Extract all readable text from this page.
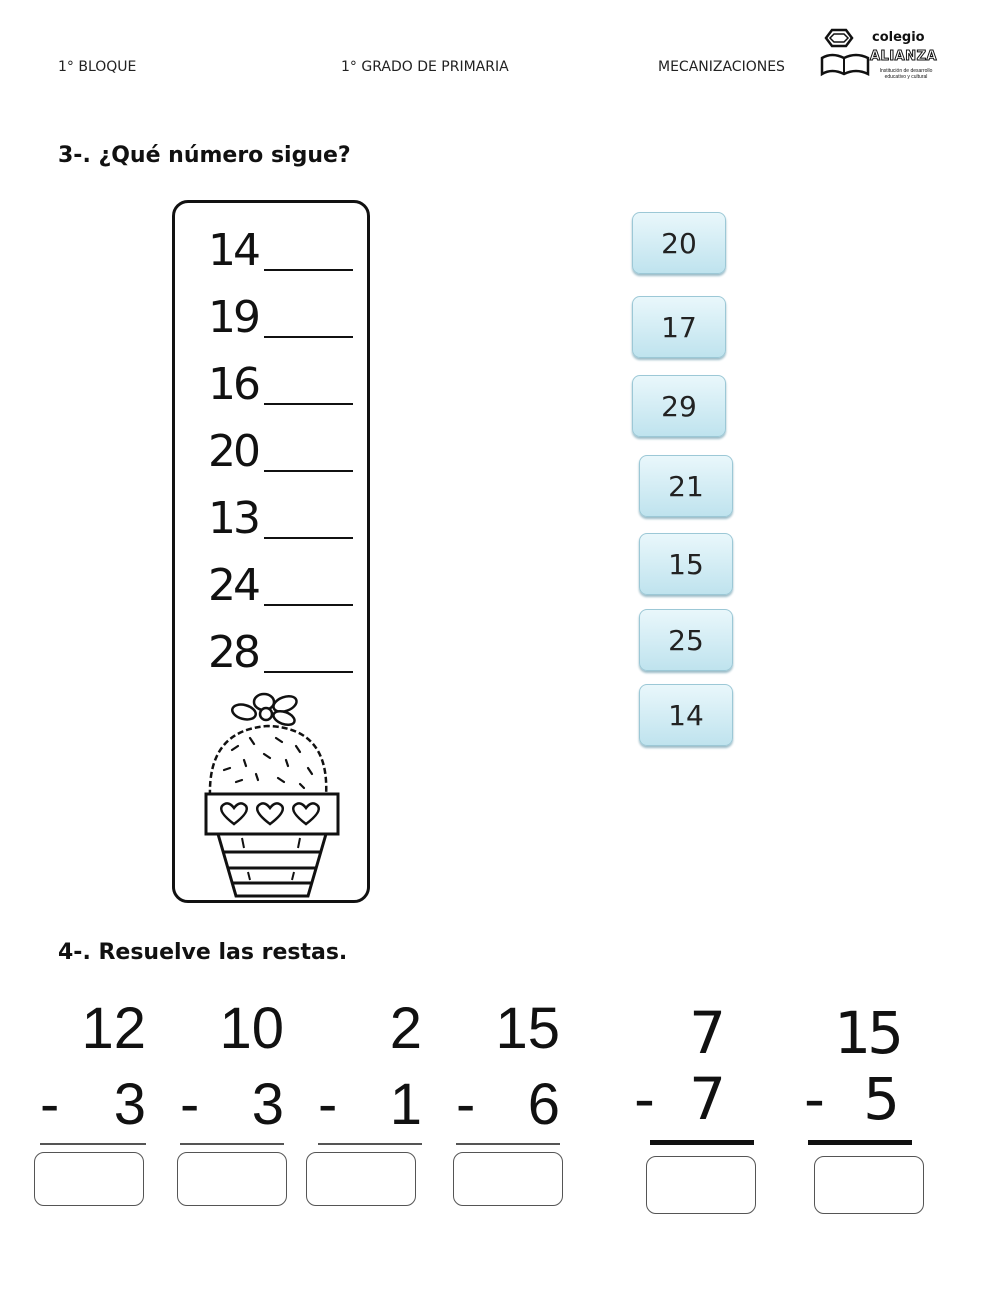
1° BLOQUE	1° GRADO DE PRIMARIA	MECANIZACIONES
colegio
ALIANZA
Institución de desarrollo educativo y cultural
3-. ¿Qué número sigue?
14
19
16
20
13
24
28
20
17
29
21
15
25
14
4-. Resuelve las restas.
12
- 3
10
- 3
2
- 1
15
- 6
7
- 7
15
- 5
